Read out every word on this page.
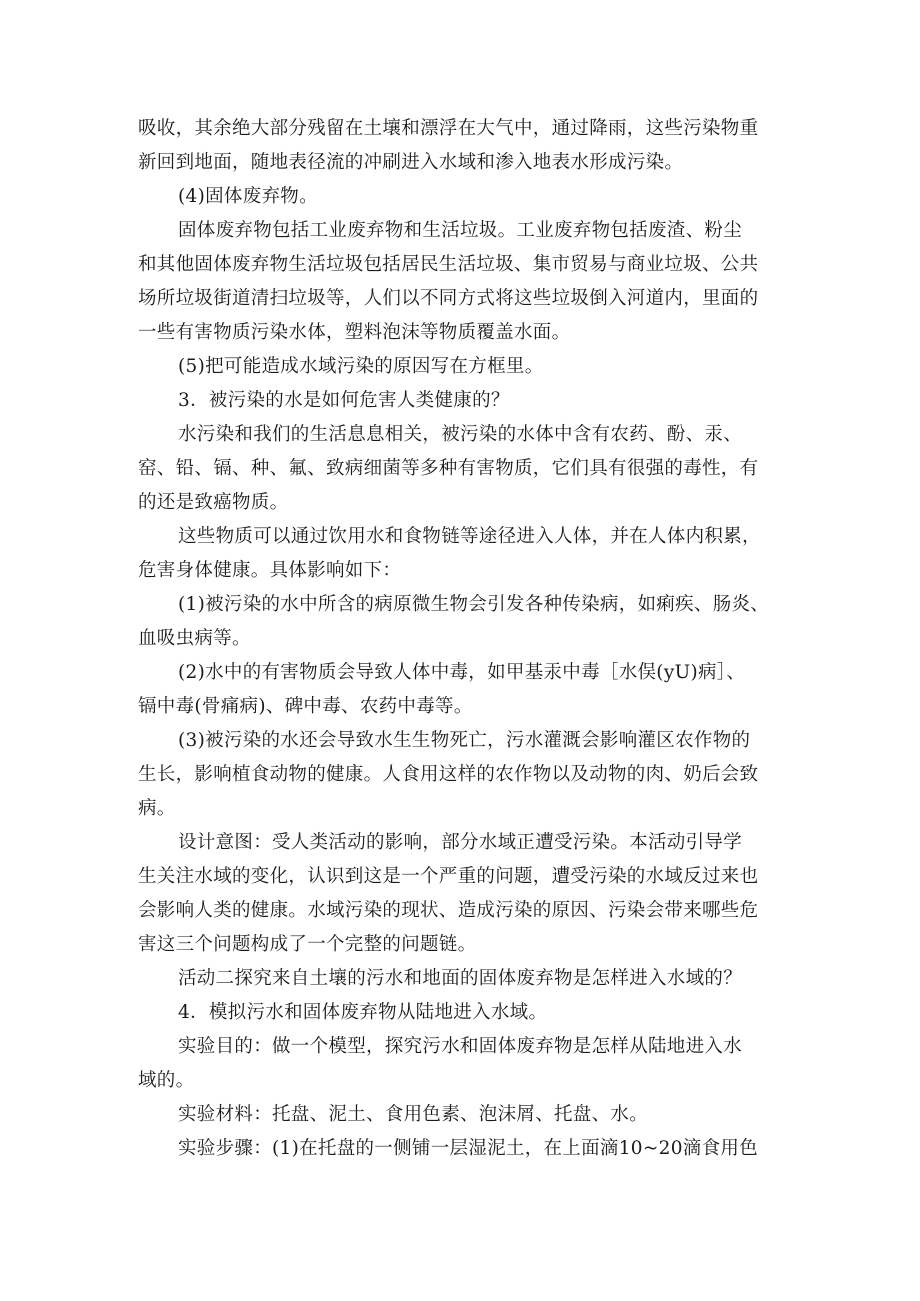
吸收，其余绝大部分残留在土壤和漂浮在大气中，通过降雨，这些污染物重
新回到地面，随地表径流的冲刷进入水域和渗入地表水形成污染。

(4)固体废弃物。

固体废弃物包括工业废弃物和生活垃圾。工业废弃物包括废渣、粉尘
和其他固体废弃物生活垃圾包括居民生活垃圾、集市贸易与商业垃圾、公共
场所垃圾街道清扫垃圾等，人们以不同方式将这些垃圾倒入河道内，里面的
一些有害物质污染水体，塑料泡沫等物质覆盖水面。

(5)把可能造成水域污染的原因写在方框里。

3．被污染的水是如何危害人类健康的？

水污染和我们的生活息息相关，被污染的水体中含有农药、酚、汞、
窑、铅、镉、种、氟、致病细菌等多种有害物质，它们具有很强的毒性，有
的还是致癌物质。

这些物质可以通过饮用水和食物链等途径进入人体，并在人体内积累，
危害身体健康。具体影响如下：

(1)被污染的水中所含的病原微生物会引发各种传染病，如痢疾、肠炎、
血吸虫病等。

(2)水中的有害物质会导致人体中毒，如甲基汞中毒［水俣(yU)病］、
镉中毒(骨痛病)、碑中毒、农药中毒等。

(3)被污染的水还会导致水生生物死亡，污水灌溉会影响灌区农作物的
生长，影响植食动物的健康。人食用这样的农作物以及动物的肉、奶后会致
病。

设计意图：受人类活动的影响，部分水域正遭受污染。本活动引导学
生关注水域的变化，认识到这是一个严重的问题，遭受污染的水域反过来也
会影响人类的健康。水域污染的现状、造成污染的原因、污染会带来哪些危
害这三个问题构成了一个完整的问题链。

活动二探究来自土壤的污水和地面的固体废弃物是怎样进入水域的？

4．模拟污水和固体废弃物从陆地进入水域。

实验目的：做一个模型，探究污水和固体废弃物是怎样从陆地进入水
域的。

实验材料：托盘、泥土、食用色素、泡沫屑、托盘、水。

实验步骤：(1)在托盘的一侧铺一层湿泥土，在上面滴10~20滴食用色
